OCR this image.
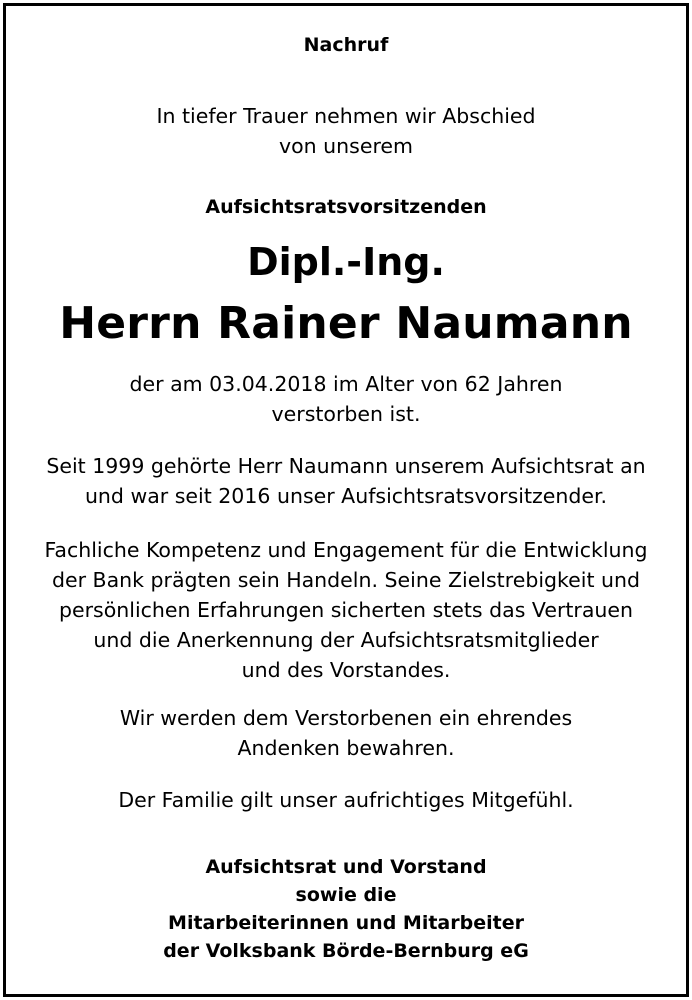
Nachruf
In tiefer Trauer nehmen wir Abschied
von unserem
Aufsichtsratsvorsitzenden
Dipl.-Ing.
Herrn Rainer Naumann
der am 03.04.2018 im Alter von 62 Jahren
verstorben ist.
Seit 1999 gehörte Herr Naumann unserem Aufsichtsrat an
und war seit 2016 unser Aufsichtsratsvorsitzender.
Fachliche Kompetenz und Engagement für die Entwicklung
der Bank prägten sein Handeln. Seine Zielstrebigkeit und
persönlichen Erfahrungen sicherten stets das Vertrauen
und die Anerkennung der Aufsichtsratsmitglieder
und des Vorstandes.
Wir werden dem Verstorbenen ein ehrendes
Andenken bewahren.
Der Familie gilt unser aufrichtiges Mitgefühl.
Aufsichtsrat und Vorstand
sowie die
Mitarbeiterinnen und Mitarbeiter
der Volksbank Börde-Bernburg eG
